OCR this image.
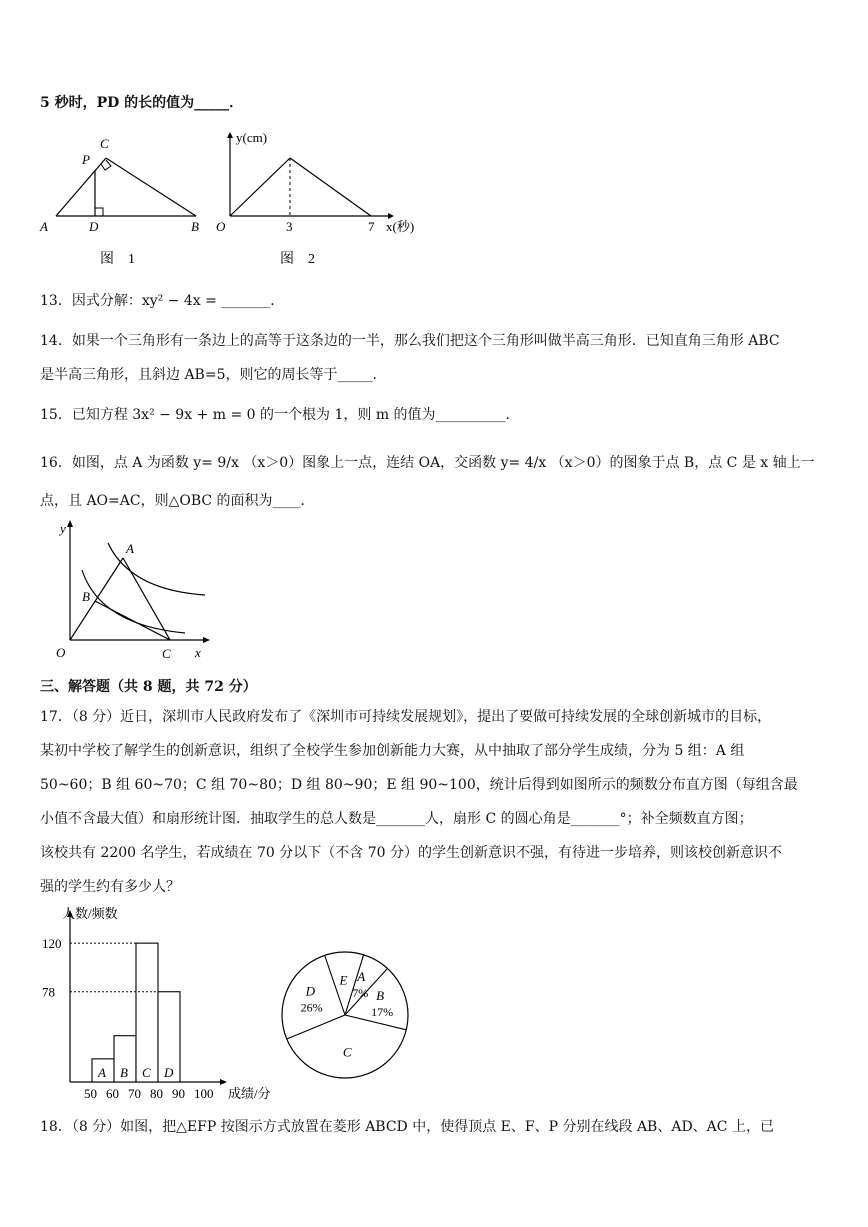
5 秒时，PD 的长的值为_____．
A	D	B
C
P
图　1
y(cm)
O	3	7 x(秒)
图　2
13．因式分解：xy² − 4x = _______．
14．如果一个三角形有一条边上的高等于这条边的一半，那么我们把这个三角形叫做半高三角形．已知直角三角形 ABC
是半高三角形，且斜边 AB=5，则它的周长等于_____．
15．已知方程 3x² − 9x + m = 0 的一个根为 1，则 m 的值为__________．
16．如图，点 A 为函数 y= 9/x （x＞0）图象上一点，连结 OA，交函数 y= 4/x （x＞0）的图象于点 B，点 C 是 x 轴上一
点，且 AO=AC，则△OBC 的面积为____．
y
O	x
A
B
C
三、解答题（共 8 题，共 72 分）
17．（8 分）近日，深圳市人民政府发布了《深圳市可持续发展规划》，提出了要做可持续发展的全球创新城市的目标，
某初中学校了解学生的创新意识，组织了全校学生参加创新能力大赛，从中抽取了部分学生成绩，分为 5 组：A 组
50~60；B 组 60~70；C 组 70~80；D 组 80~90；E 组 90~100，统计后得到如图所示的频数分布直方图（每组含最
小值不含最大值）和扇形统计图．抽取学生的总人数是_______人，扇形 C 的圆心角是_______°；补全频数直方图；
该校共有 2200 名学生，若成绩在 70 分以下（不含 70 分）的学生创新意识不强，有待进一步培养，则该校创新意识不
强的学生约有多少人？
人数/频数
成绩/分
50 60 70 80 90 100
A B C D
120
78
A
7% B
17%
C
D
26%
E
18．（8 分）如图，把△EFP 按图示方式放置在菱形 ABCD 中，使得顶点 E、F、P 分别在线段 AB、AD、AC 上，已
